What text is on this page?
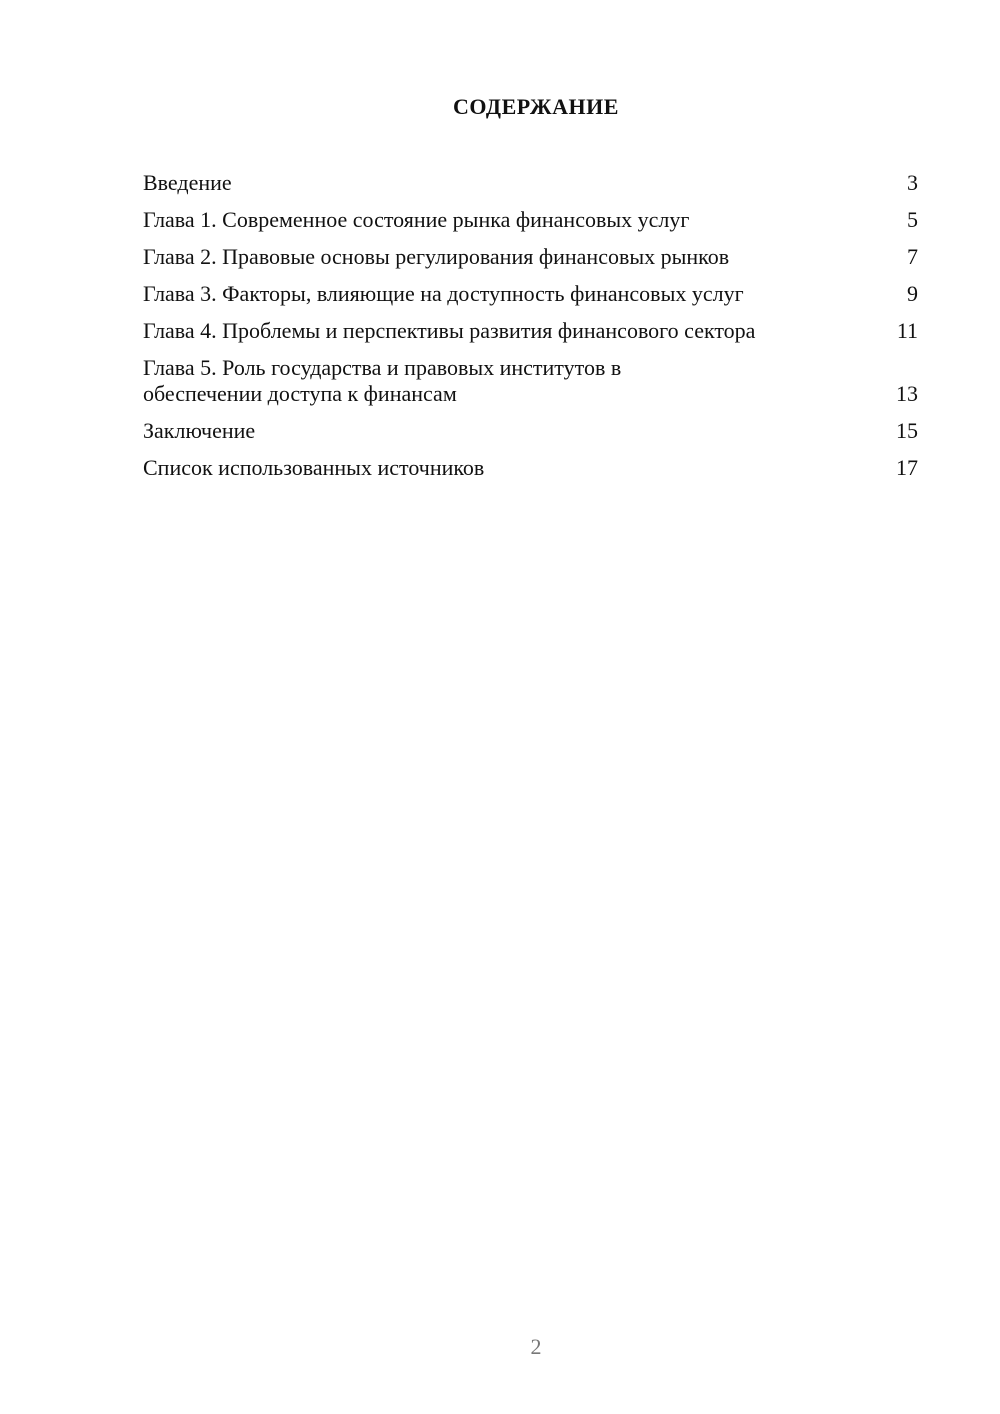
СОДЕРЖАНИЕ
Введение	3
Глава 1. Современное состояние рынка финансовых услуг	5
Глава 2. Правовые основы регулирования финансовых рынков	7
Глава 3. Факторы, влияющие на доступность финансовых услуг	9
Глава 4. Проблемы и перспективы развития финансового сектора	11
Глава 5. Роль государства и правовых институтов в обеспечении доступа к финансам	13
Заключение	15
Список использованных источников	17
2
